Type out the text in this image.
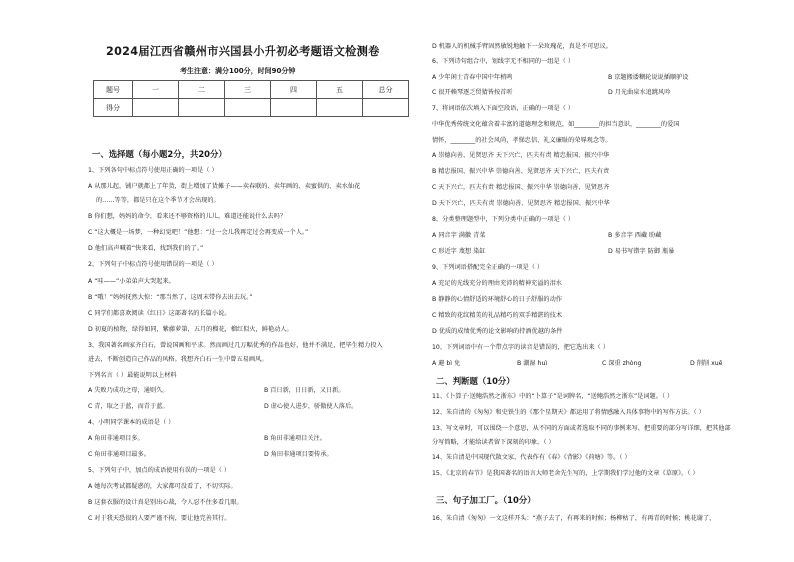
2024届江西省赣州市兴国县小升初必考题语文检测卷
考生注意：满分100分，时间90分钟
题号	一	二	三	四	五	总分
得分						
一、选择题（每小题2分，共20分）
1、下列各句中标点符号使用正确的一项是（ ）
A 从那儿起，铺户就都上了年货，街上增加了货摊子——卖春联的、卖年画的、卖蜜供的、卖水仙花
的……等等，都是只在这个季节才会出现的。
B 你们想，妈妈的命令，看来还不够资格的儿儿，难道还能说什么去吗？
C “这大概是一场梦，一种幻觉吧！”他想：“过一会儿我再定过会再变成一个人。”
D 他们高声喊着“快来看，找到我们的了。”
2、下列句子中标点符号使用错误的一项是（ ）
A “哇——”小弟弟声大哭起来。
B “哦！”妈妈抚然大惊：“那当然了，这周末带你去出去玩。”
C 同学们都喜欢阅读《红日》这部著名的长篇小说。
D 初夏的植物，绿得如同，紫藤萝第，五月的榴花，榴红似火，鲜艳动人。
3、我国著名画家齐白石，曾说国画和平求。然而画过几万幅优秀的作品也好，他并不满足，把毕生精力投入
进去，不断创造自己作品的风格。我想齐白石一生中曾五易画风。
下列名言（ ）最能说明以上材料
A 失败乃成功之母，通则久。	B 百日新，日日新，又日新。
C 青，取之于蓝，而青于蓝。	D 虚心使人进步，骄傲使人落后。
4、小明同学课本的成语是（ ）
A 角田非通项目多。	B 角田非通项目关注。
C 角田非通项目最多。	D 角田非通项目要传承。
5、下列句子中，加点的成语使用有误的一项是（ ）
A 她每次考试都疑惑的，大家都可没看了，不切实际。
B 这套衣服的设计真是别出心裁，令人忍不住多看几眼。
C 对于我天恐很的人要严谨不拘，要让他完善其行。
D 机器人的机械手臂固然敏锐地触下一朵玫瑰花，真是不可思议。
6、下列诗句组合中，划线字无不相同的一组是（ ）
A 少年闲士青春中国中年梢鸣	B 京题搬诿糊轮说说插顺驴设
C 很开赖琴逐乏贸猜皆按首听	D 月光曲泉水追跳风吟
7、将词语依次填入下面空段语，正确的一项是（ ）
中华优秀传统文化蕴含着丰富的道德理念和规范，如________的担当意识，________的爱国
情怀，________的社会风尚，孝悌忠信、礼义廉耻的荣辱观念等。
A 崇德向善、见贤思齐 天下兴亡，匹夫有责 精忠报国、振兴中华
B 精忠报国、振兴中华 崇德向善、见贤思齐 天下兴亡，匹夫有责
C 天下兴亡，匹夫有责 精忠报国、振兴中华 崇德向善、见贤思齐
D 天下兴亡，匹夫有责 崇德向善、见贤思齐 精忠报国、振兴中华
8、分类整理题型中，下列分类中正确的一项是（ ）
A 同音字 满徽 青菜	B 多音字 西藏 盼藏
C 形近字 蔑想 染缸	D 易书写错字 防御 瓶暴
9、下列词语搭配完全正确的一项是（ ）
A 充足的光线充分的理由充沛的精神充溢的泪水
B 静静的心情舒适的环境舒心的日子舒服的动作
C 精致的花纹精美的礼品精巧的双手精湛的技术
D 优质的成绩优秀的论文影响的持酒优越的条件
10、下列词语中有一个带点字的读音是错误的，把它选出来（ ）
A 避 bì 免	B 潮湿 huì	C 深重 zhòng	D 削削 xuē
二、判断题（10分）
11、《卜算子·送鲍浩然之浙东》中的“卜算子”是词牌名，“送鲍浩然之浙东”是词题。（ ）
12、朱自清的《匆匆》和史铁生的《那个星期天》都运用了将情感融入具体事物中的写作方法。（ ）
13、写文章时，可以围绕一个意思，从不同的方面或者选取不同的事例来写，把重要的部分写详细，把其他部
分写简略，才能给读者留下深刻的印象。（ ）
14、朱自清是中国现代散文家，代表作有《春》《背影》《荷塘》等。（ ）
15、《北京的春节》是我国著名的语言大师老舍先生写的，上学期我们学过他的文章《草原》。（ ）
三、句子加工厂。（10分）
16、朱自清《匆匆》一文这样开头：“燕子去了，有再来的时候；杨柳枯了，有再青的时候；桃花谢了，
